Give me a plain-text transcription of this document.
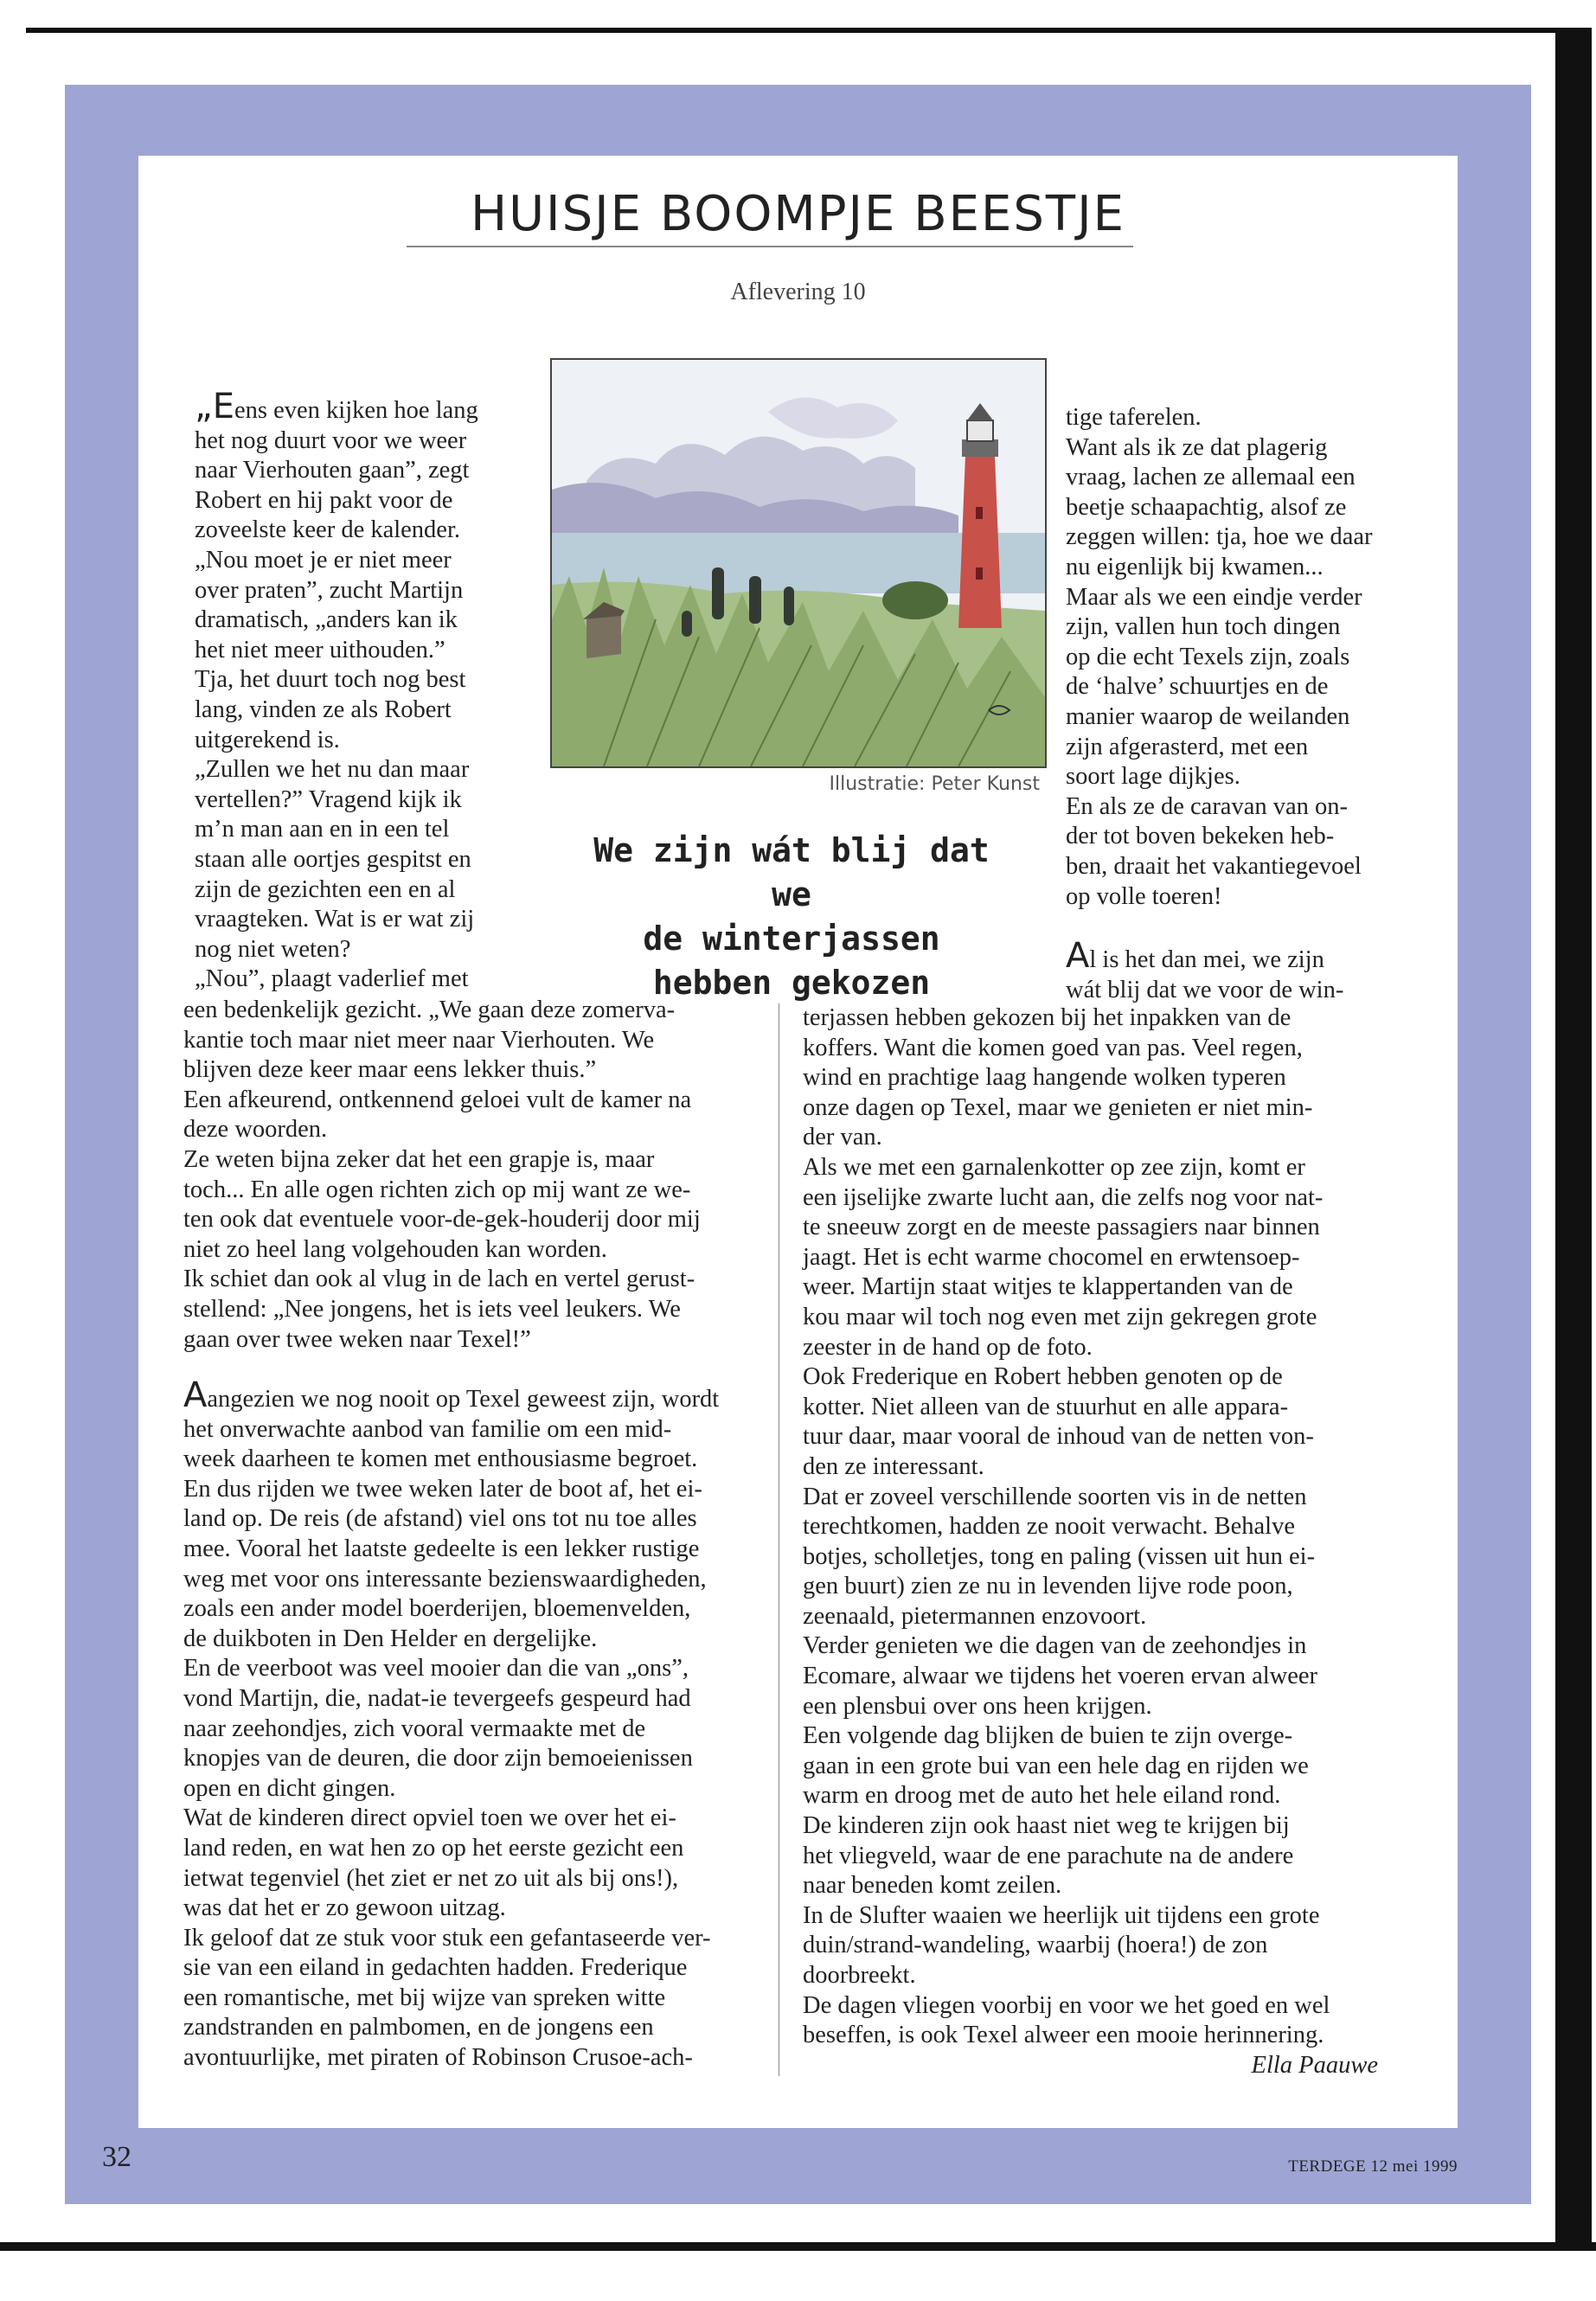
HUISJE BOOMPJE BEESTJE
Aflevering 10

„Eens even kijken hoe lang

het nog duurt voor we weer

naar Vierhouten gaan”, zegt

Robert en hij pakt voor de

zoveelste keer de kalender.

„Nou moet je er niet meer

over praten”, zucht Martijn

dramatisch, „anders kan ik

het niet meer uithouden.”

Tja, het duurt toch nog best

lang, vinden ze als Robert

uitgerekend is.

„Zullen we het nu dan maar

vertellen?” Vragend kijk ik

m’n man aan en in een tel

staan alle oortjes gespitst en

zijn de gezichten een en al

vraagteken. Wat is er wat zij

nog niet weten?

„Nou”, plaagt vaderlief met

een bedenkelijk gezicht. „We gaan deze zomerva-

kantie toch maar niet meer naar Vierhouten. We

blijven deze keer maar eens lekker thuis.”

Een afkeurend, ontkennend geloei vult de kamer na

deze woorden.

Ze weten bijna zeker dat het een grapje is, maar

toch... En alle ogen richten zich op mij want ze we-

ten ook dat eventuele voor-de-gek-houderij door mij

niet zo heel lang volgehouden kan worden.

Ik schiet dan ook al vlug in de lach en vertel gerust-

stellend: „Nee jongens, het is iets veel leukers. We

gaan over twee weken naar Texel!”

Aangezien we nog nooit op Texel geweest zijn, wordt

het onverwachte aanbod van familie om een mid-

week daarheen te komen met enthousiasme begroet.

En dus rijden we twee weken later de boot af, het ei-

land op. De reis (de afstand) viel ons tot nu toe alles

mee. Vooral het laatste gedeelte is een lekker rustige

weg met voor ons interessante bezienswaardigheden,

zoals een ander model boerderijen, bloemenvelden,

de duikboten in Den Helder en dergelijke.

En de veerboot was veel mooier dan die van „ons”,

vond Martijn, die, nadat-ie tevergeefs gespeurd had

naar zeehondjes, zich vooral vermaakte met de

knopjes van de deuren, die door zijn bemoeienissen

open en dicht gingen.

Wat de kinderen direct opviel toen we over het ei-

land reden, en wat hen zo op het eerste gezicht een

ietwat tegenviel (het ziet er net zo uit als bij ons!),

was dat het er zo gewoon uitzag.

Ik geloof dat ze stuk voor stuk een gefantaseerde ver-

sie van een eiland in gedachten hadden. Frederique

een romantische, met bij wijze van spreken witte

zandstranden en palmbomen, en de jongens een

avontuurlijke, met piraten of Robinson Crusoe-ach-

Illustratie: Peter Kunst
We zijn wát blij dat we
de winterjassen
hebben gekozen

tige taferelen.

Want als ik ze dat plagerig

vraag, lachen ze allemaal een

beetje schaapachtig, alsof ze

zeggen willen: tja, hoe we daar

nu eigenlijk bij kwamen...

Maar als we een eindje verder

zijn, vallen hun toch dingen

op die echt Texels zijn, zoals

de ‘halve’ schuurtjes en de

manier waarop de weilanden

zijn afgerasterd, met een

soort lage dijkjes.

En als ze de caravan van on-

der tot boven bekeken heb-

ben, draait het vakantiegevoel

op volle toeren!

Al is het dan mei, we zijn

wát blij dat we voor de win-

terjassen hebben gekozen bij het inpakken van de

koffers. Want die komen goed van pas. Veel regen,

wind en prachtige laag hangende wolken typeren

onze dagen op Texel, maar we genieten er niet min-

der van.

Als we met een garnalenkotter op zee zijn, komt er

een ijselijke zwarte lucht aan, die zelfs nog voor nat-

te sneeuw zorgt en de meeste passagiers naar binnen

jaagt. Het is echt warme chocomel en erwtensoep-

weer. Martijn staat witjes te klappertanden van de

kou maar wil toch nog even met zijn gekregen grote

zeester in de hand op de foto.

Ook Frederique en Robert hebben genoten op de

kotter. Niet alleen van de stuurhut en alle appara-

tuur daar, maar vooral de inhoud van de netten von-

den ze interessant.

Dat er zoveel verschillende soorten vis in de netten

terechtkomen, hadden ze nooit verwacht. Behalve

botjes, scholletjes, tong en paling (vissen uit hun ei-

gen buurt) zien ze nu in levenden lijve rode poon,

zeenaald, pietermannen enzovoort.

Verder genieten we die dagen van de zeehondjes in

Ecomare, alwaar we tijdens het voeren ervan alweer

een plensbui over ons heen krijgen.

Een volgende dag blijken de buien te zijn overge-

gaan in een grote bui van een hele dag en rijden we

warm en droog met de auto het hele eiland rond.

De kinderen zijn ook haast niet weg te krijgen bij

het vliegveld, waar de ene parachute na de andere

naar beneden komt zeilen.

In de Slufter waaien we heerlijk uit tijdens een grote

duin/strand-wandeling, waarbij (hoera!) de zon

doorbreekt.

De dagen vliegen voorbij en voor we het goed en wel

beseffen, is ook Texel alweer een mooie herinnering.

Ella Paauwe

32	TERDEGE 12 mei 1999
